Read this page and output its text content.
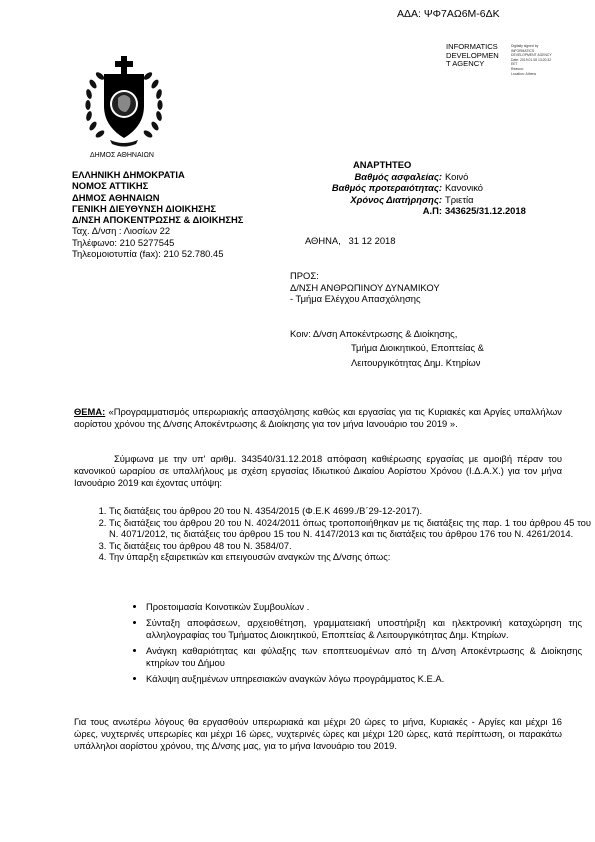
ΑΔΑ: ΨΦ7ΑΩ6Μ-6ΔΚ
INFORMATICS
DEVELOPMEN
T AGENCY
Digitally signed by
INFORMATICS
DEVELOPMENT AGENCY
Date: 2019.01.08 13:20:32
EET
Reason:
Location: Athens
ΔΗΜΟΣ ΑΘΗΝΑΙΩΝ
ΕΛΛΗΝΙΚΗ ΔΗΜΟΚΡΑΤΙΑ
ΝΟΜΟΣ ΑΤΤΙΚΗΣ
ΔΗΜΟΣ ΑΘΗΝΑΙΩΝ
ΓΕΝΙΚΗ ΔΙΕΥΘΥΝΣΗ ΔΙΟΙΚΗΣΗΣ
Δ/ΝΣΗ ΑΠΟΚΕΝΤΡΩΣΗΣ & ΔΙΟΙΚΗΣΗΣ
Ταχ. Δ/νση : Λιοσίων 22
Τηλέφωνο: 210 5277545
Τηλεομοιοτυπία (fax): 210 52.780.45
ΑΝΑΡΤΗΤΕΟ
Βαθμός ασφαλείας: Κοινό
Βαθμός προτεραιότητας: Κανονικό
Χρόνος Διατήρησης: Τριετία
Α.Π: 343625/31.12.2018
ΑΘΗΝΑ,   31 12 2018
ΠΡΟΣ:
Δ/ΝΣΗ ΑΝΘΡΩΠΙΝΟΥ ΔΥΝΑΜΙΚΟΥ
- Τμήμα Ελέγχου Απασχόλησης
Κοιν: Δ/νση Αποκέντρωσης & Διοίκησης,
Τμήμα Διοικητικού, Εποπτείας &
Λειτουργικότητας Δημ. Κτηρίων
ΘΕΜΑ: «Προγραμματισμός υπερωριακής απασχόλησης καθώς και εργασίας για τις Κυριακές και Αργίες υπαλλήλων αορίστου χρόνου της Δ/νσης Αποκέντρωσης & Διοίκησης για τον μήνα Ιανουάριο του 2019 ».
Σύμφωνα με την υπ' αριθμ. 343540/31.12.2018 απόφαση καθιέρωσης εργασίας με αμοιβή πέραν του κανονικού ωραρίου σε υπαλλήλους με σχέση εργασίας Ιδιωτικού Δικαίου Αορίστου Χρόνου (Ι.Δ.Α.Χ.) για τον μήνα Ιανουάριο 2019 και έχοντας υπόψη:
1. Τις διατάξεις του άρθρου 20 του Ν. 4354/2015 (Φ.Ε.Κ 4699./Β΄29-12-2017).
2. Τις διατάξεις του άρθρου 20 του Ν. 4024/2011 όπως τροποποιήθηκαν με τις διατάξεις της παρ. 1 του άρθρου 45 του Ν. 4071/2012, τις διατάξεις του άρθρου 15 του Ν. 4147/2013 και τις διατάξεις του άρθρου 176 του Ν. 4261/2014.
3. Τις διατάξεις του άρθρου 48 του Ν. 3584/07.
4. Την ύπαρξη εξαιρετικών και επειγουσών αναγκών της Δ/νσης όπως:
• Προετοιμασία Κοινοτικών Συμβουλίων .
• Σύνταξη αποφάσεων, αρχειοθέτηση, γραμματειακή υποστήριξη και ηλεκτρονική καταχώρηση της αλληλογραφίας του Τμήματος Διοικητικού, Εποπτείας & Λειτουργικότητας Δημ. Κτηρίων.
• Ανάγκη καθαριότητας και φύλαξης των εποπτευομένων από τη Δ/νση Αποκέντρωσης & Διοίκησης κτηρίων του Δήμου
• Κάλυψη αυξημένων υπηρεσιακών αναγκών λόγω προγράμματος Κ.Ε.Α.
Για τους ανωτέρω λόγους θα εργασθούν υπερωριακά και μέχρι 20 ώρες το μήνα, Κυριακές - Αργίες και μέχρι 16 ώρες, νυχτερινές υπερωρίες και μέχρι 16 ώρες, νυχτερινές ώρες και μέχρι 120 ώρες, κατά περίπτωση, οι παρακάτω υπάλληλοι αορίστου χρόνου, της Δ/νσης μας, για το μήνα Ιανουάριο του 2019.
